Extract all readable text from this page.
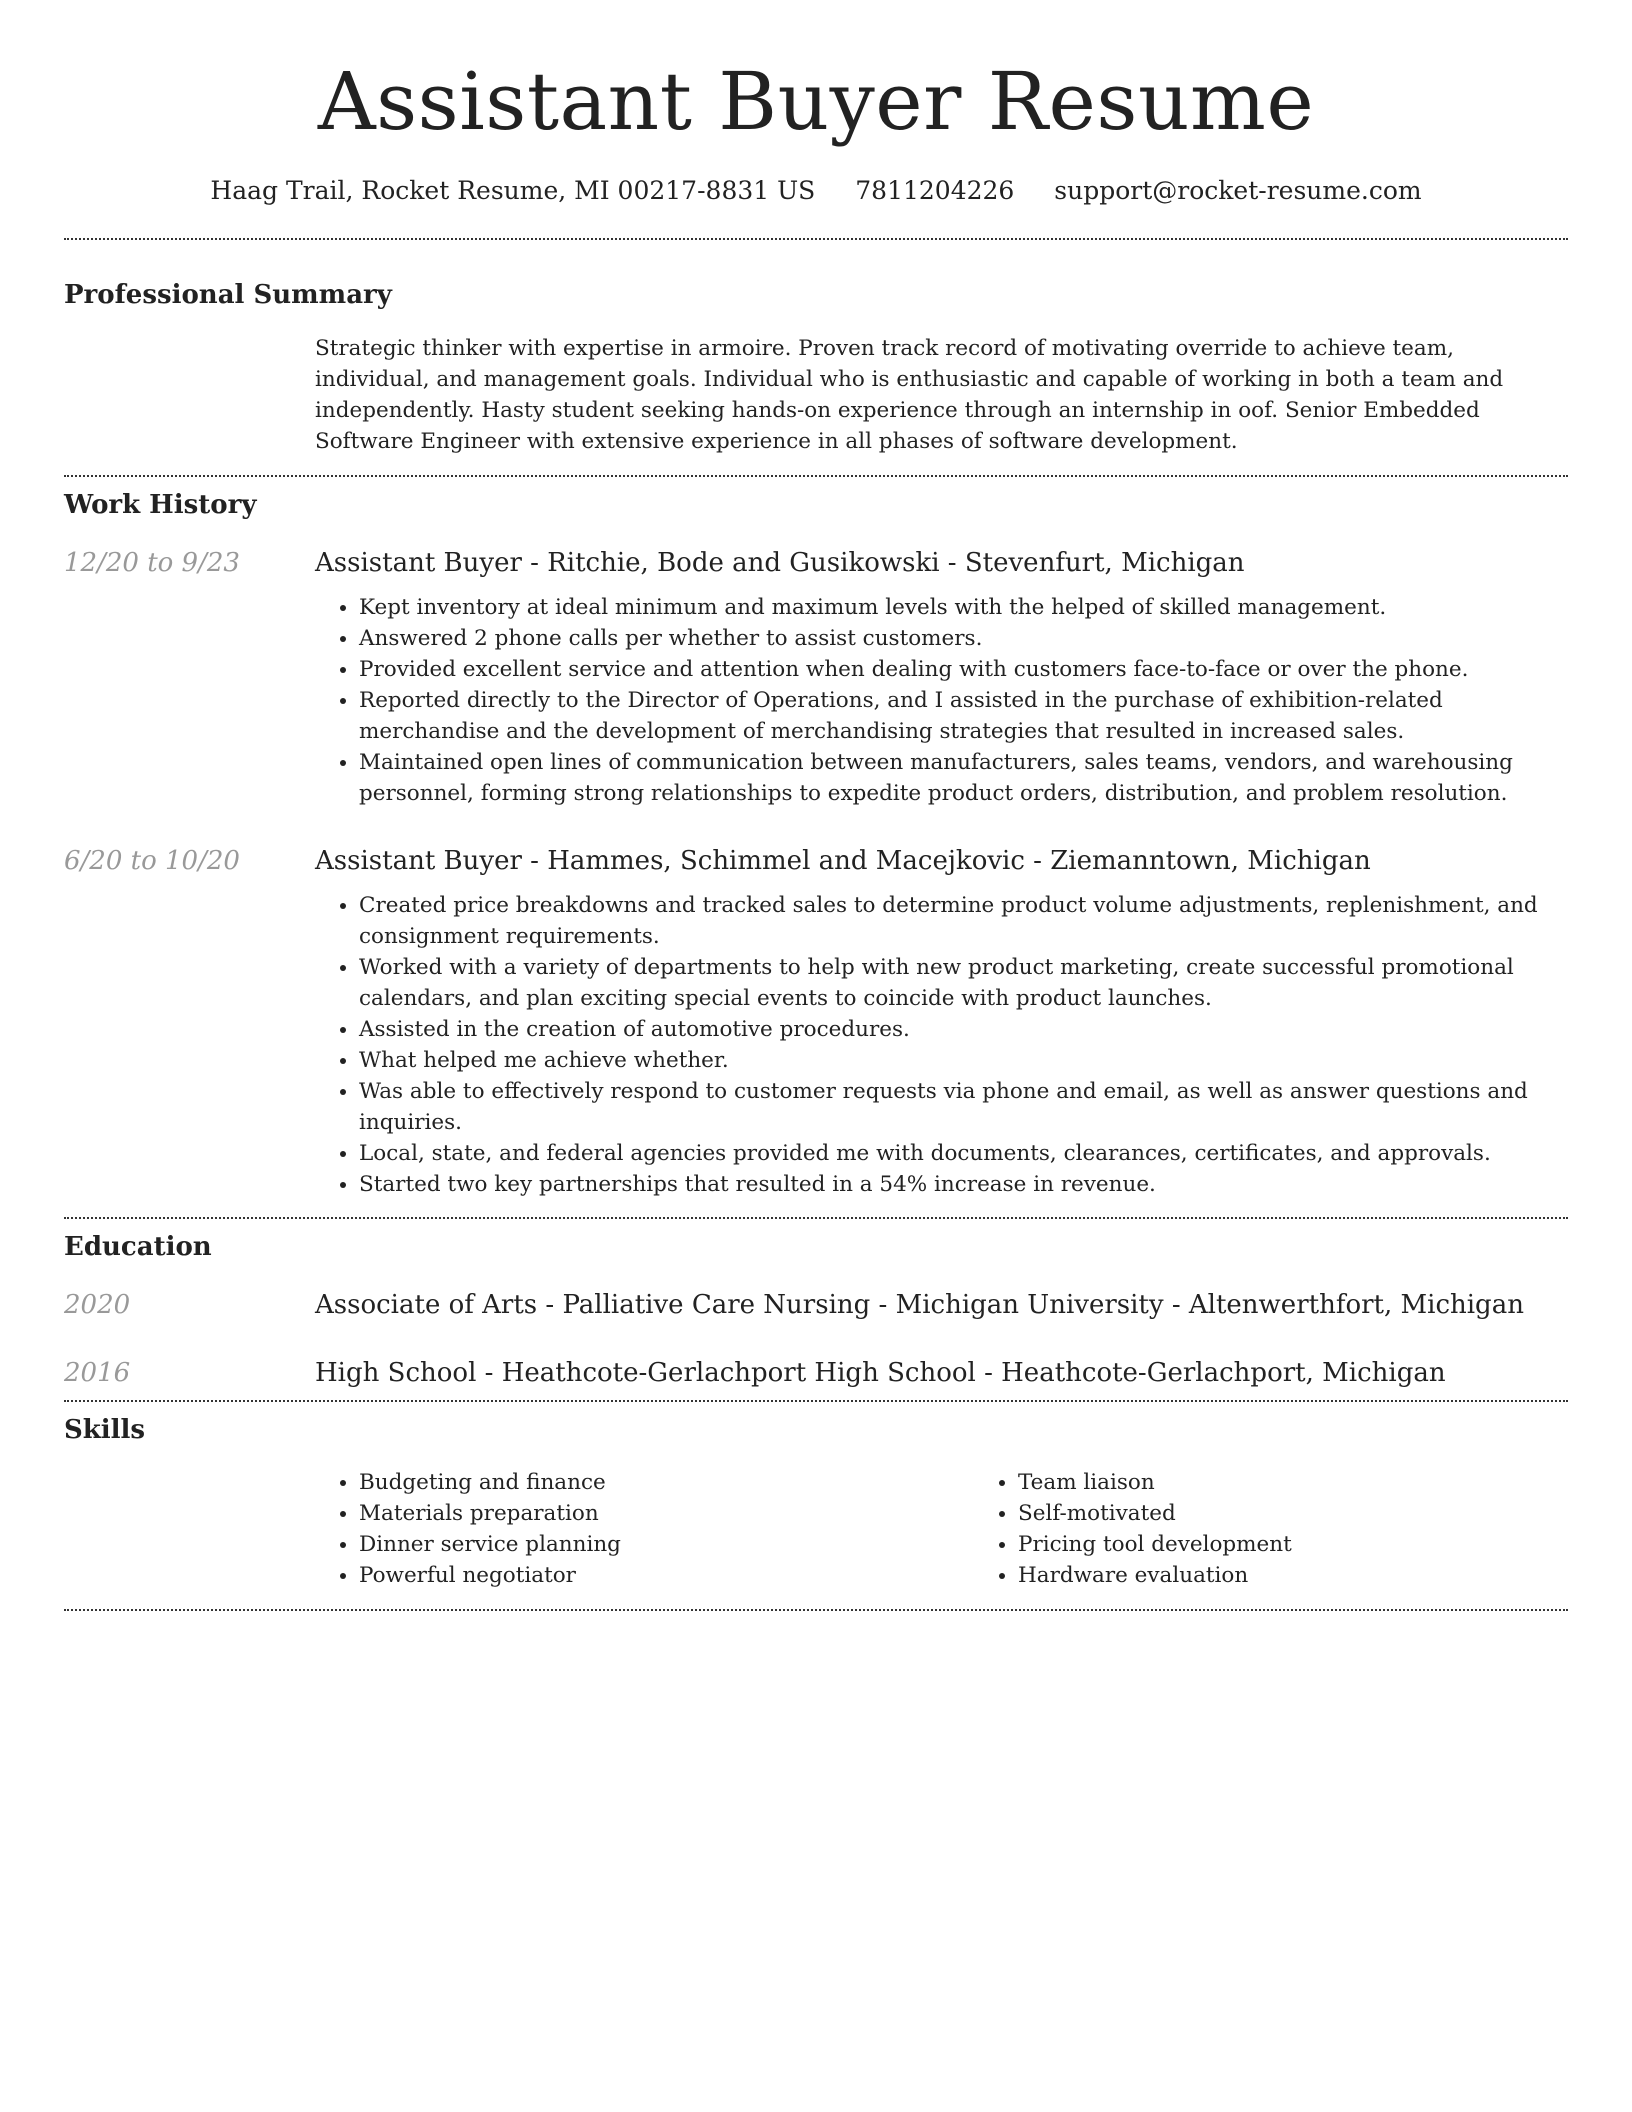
Assistant Buyer Resume
Haag Trail, Rocket Resume, MI 00217-8831 US 7811204226 support@rocket-resume.com
Professional Summary

Strategic thinker with expertise in armoire. Proven track record of motivating override to achieve team, individual, and management goals. Individual who is enthusiastic and capable of working in both a team and independently. Hasty student seeking hands-on experience through an internship in oof. Senior Embedded Software Engineer with extensive experience in all phases of software development.

Work History
12/20 to 9/23	Assistant Buyer - Ritchie, Bode and Gusikowski - Stevenfurt, Michigan
• Kept inventory at ideal minimum and maximum levels with the helped of skilled management.
• Answered 2 phone calls per whether to assist customers.
• Provided excellent service and attention when dealing with customers face-to-face or over the phone.
• Reported directly to the Director of Operations, and I assisted in the purchase of exhibition-related merchandise and the development of merchandising strategies that resulted in increased sales.
• Maintained open lines of communication between manufacturers, sales teams, vendors, and warehousing personnel, forming strong relationships to expedite product orders, distribution, and problem resolution.
6/20 to 10/20	Assistant Buyer - Hammes, Schimmel and Macejkovic - Ziemanntown, Michigan
• Created price breakdowns and tracked sales to determine product volume adjustments, replenishment, and consignment requirements.
• Worked with a variety of departments to help with new product marketing, create successful promotional calendars, and plan exciting special events to coincide with product launches.
• Assisted in the creation of automotive procedures.
• What helped me achieve whether.
• Was able to effectively respond to customer requests via phone and email, as well as answer questions and inquiries.
• Local, state, and federal agencies provided me with documents, clearances, certificates, and approvals.
• Started two key partnerships that resulted in a 54% increase in revenue.
Education
2020	Associate of Arts - Palliative Care Nursing - Michigan University - Altenwerthfort, Michigan
2016	High School - Heathcote-Gerlachport High School - Heathcote-Gerlachport, Michigan
Skills
• Budgeting and finance
• Materials preparation
• Dinner service planning
• Powerful negotiator
• Team liaison
• Self-motivated
• Pricing tool development
• Hardware evaluation
